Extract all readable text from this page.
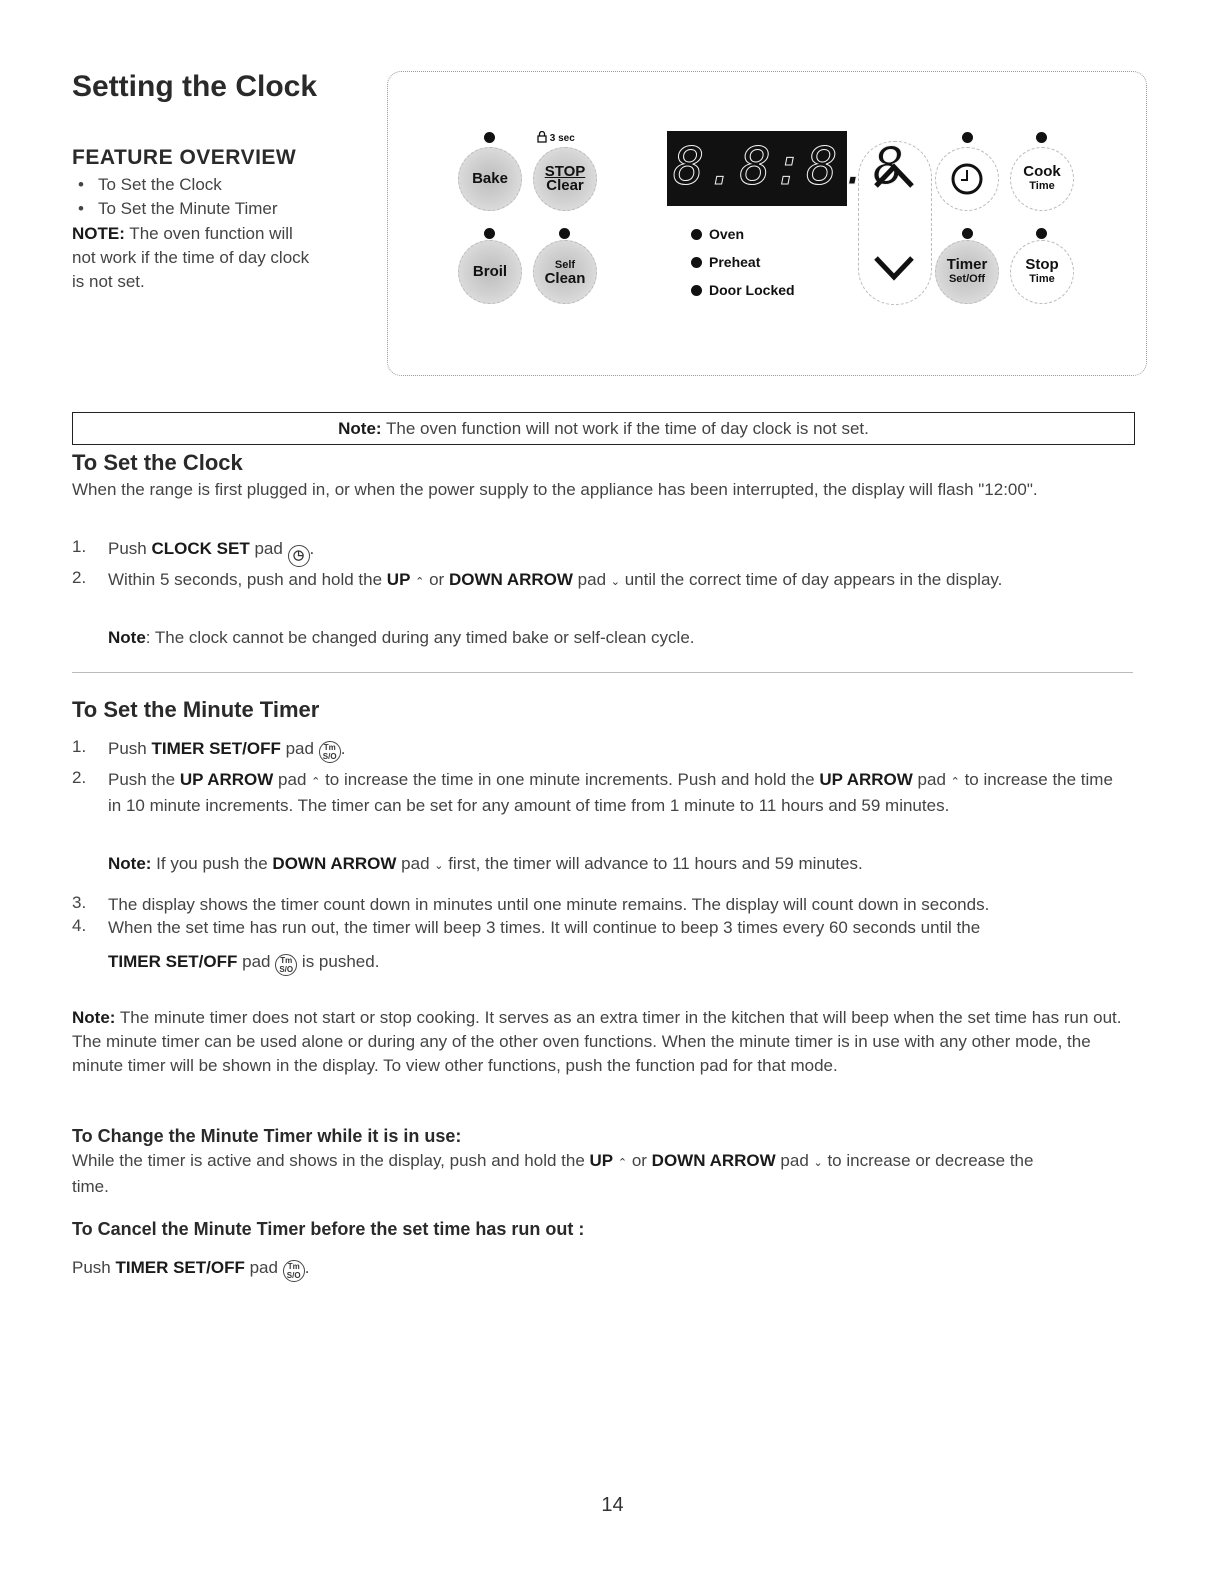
Setting the Clock
FEATURE OVERVIEW
• To Set the Clock
• To Set the Minute Timer
NOTE: The oven function will not work if the time of day clock is not set.
3 sec
Bake STOP
Clear
Broil	Self
Clean
8.8:8.8
Oven
Preheat
Door Locked
Cook
Time
Timer
Set/Off
Stop
Time
Note: The oven function will not work if the time of day clock is not set.
To Set the Clock
When the range is first plugged in, or when the power supply to the appliance has been interrupted, the display will flash "12:00".
1. Push CLOCK SET pad ◷ .
2. Within 5 seconds, push and hold the UP ⌃ or DOWN ARROW pad ⌄ until the correct time of day appears in the display.
Note: The clock cannot be changed during any timed bake or self-clean cycle.
To Set the Minute Timer
1. Push TIMER SET/OFF pad Tm
S/O .
2. Push the UP ARROW pad ⌃ to increase the time in one minute increments. Push and hold the UP ARROW pad ⌃ to increase the time in 10 minute increments. The timer can be set for any amount of time from 1 minute to 11 hours and 59 minutes.
Note: If you push the DOWN ARROW pad ⌄ first, the timer will advance to 11 hours and 59 minutes.
3. The display shows the timer count down in minutes until one minute remains. The display will count down in seconds.
4. When the set time has run out, the timer will beep 3 times. It will continue to beep 3 times every 60 seconds until the
TIMER SET/OFF pad Tm
S/O is pushed.
Note: The minute timer does not start or stop cooking. It serves as an extra timer in the kitchen that will beep when the set time has run out. The minute timer can be used alone or during any of the other oven functions. When the minute timer is in use with any other mode, the minute timer will be shown in the display. To view other functions, push the function pad for that mode.
To Change the Minute Timer while it is in use:
While the timer is active and shows in the display, push and hold the UP ⌃ or DOWN ARROW pad ⌄ to increase or decrease the time.
To Cancel the Minute Timer before the set time has run out :
Push TIMER SET/OFF pad Tm
S/O .
14
